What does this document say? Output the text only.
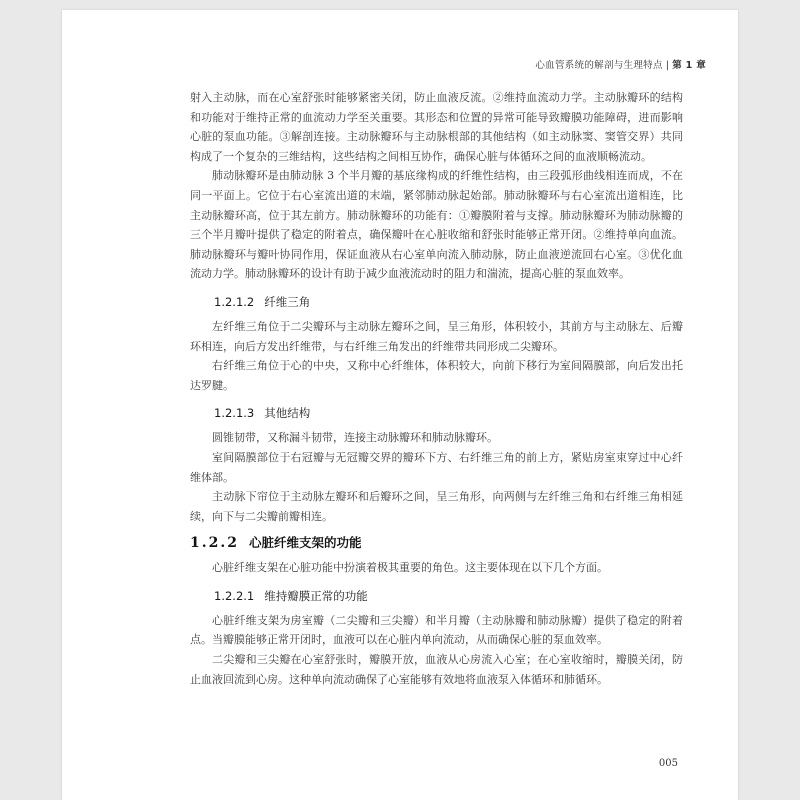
心血管系统的解剖与生理特点 | 第 1 章

射入主动脉，而在心室舒张时能够紧密关闭，防止血液反流。②维持血流动力学。主动脉瓣环的结构和功能对于维持正常的血流动力学至关重要。其形态和位置的异常可能导致瓣膜功能障碍，进而影响心脏的泵血功能。③解剖连接。主动脉瓣环与主动脉根部的其他结构（如主动脉窦、窦管交界）共同构成了一个复杂的三维结构，这些结构之间相互协作，确保心脏与体循环之间的血液顺畅流动。

肺动脉瓣环是由肺动脉 3 个半月瓣的基底缘构成的纤维性结构，由三段弧形曲线相连而成，不在同一平面上。它位于右心室流出道的末端，紧邻肺动脉起始部。肺动脉瓣环与右心室流出道相连，比主动脉瓣环高，位于其左前方。肺动脉瓣环的功能有：①瓣膜附着与支撑。肺动脉瓣环为肺动脉瓣的三个半月瓣叶提供了稳定的附着点，确保瓣叶在心脏收缩和舒张时能够正常开闭。②维持单向血流。肺动脉瓣环与瓣叶协同作用，保证血液从右心室单向流入肺动脉，防止血液逆流回右心室。③优化血流动力学。肺动脉瓣环的设计有助于减少血液流动时的阻力和湍流，提高心脏的泵血效率。

1.2.1.2 纤维三角

左纤维三角位于二尖瓣环与主动脉左瓣环之间，呈三角形，体积较小，其前方与主动脉左、后瓣环相连，向后方发出纤维带，与右纤维三角发出的纤维带共同形成二尖瓣环。

右纤维三角位于心的中央，又称中心纤维体，体积较大，向前下移行为室间隔膜部，向后发出托达罗腱。

1.2.1.3 其他结构

圆锥韧带，又称漏斗韧带，连接主动脉瓣环和肺动脉瓣环。

室间隔膜部位于右冠瓣与无冠瓣交界的瓣环下方、右纤维三角的前上方，紧贴房室束穿过中心纤维体部。

主动脉下帘位于主动脉左瓣环和后瓣环之间，呈三角形，向两侧与左纤维三角和右纤维三角相延续，向下与二尖瓣前瓣相连。

1.2.2 心脏纤维支架的功能

心脏纤维支架在心脏功能中扮演着极其重要的角色。这主要体现在以下几个方面。

1.2.2.1 维持瓣膜正常的功能

心脏纤维支架为房室瓣（二尖瓣和三尖瓣）和半月瓣（主动脉瓣和肺动脉瓣）提供了稳定的附着点。当瓣膜能够正常开闭时，血液可以在心脏内单向流动，从而确保心脏的泵血效率。

二尖瓣和三尖瓣在心室舒张时，瓣膜开放，血液从心房流入心室；在心室收缩时，瓣膜关闭，防止血液回流到心房。这种单向流动确保了心室能够有效地将血液泵入体循环和肺循环。

005
